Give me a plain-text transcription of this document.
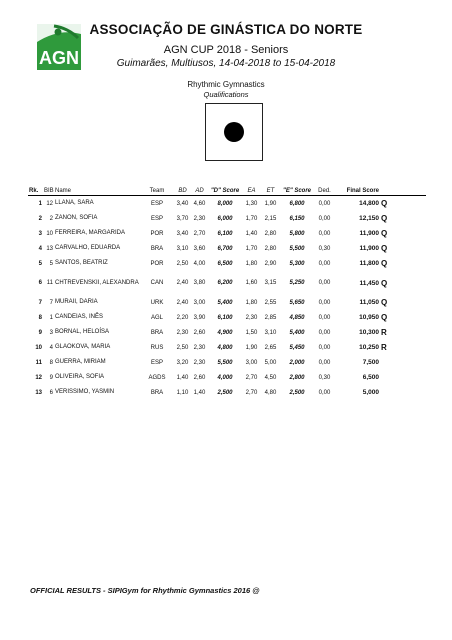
AGN
ASSOCIAÇÃO DE GINÁSTICA DO NORTE
AGN CUP 2018 - Seniors
Guimarães, Multiusos, 14-04-2018 to 15-04-2018
Rhythmic Gymnastics
Qualifications
Rk.	BIB	Name	Team	BD	AD	"D" Score	EA	ET	"E" Score	Ded.	Final Score	
1	12	LLANA, SARA	ESP	3,40	4,60	8,000	1,30	1,90	6,800	0,00	14,800	Q
2	2	ZANON, SOFIA	ESP	3,70	2,30	6,000	1,70	2,15	6,150	0,00	12,150	Q
3	10	FERREIRA, MARGARIDA	POR	3,40	2,70	6,100	1,40	2,80	5,800	0,00	11,900	Q
4	13	CARVALHO, EDUARDA	BRA	3,10	3,60	6,700	1,70	2,80	5,500	0,30	11,900	Q
5	5	SANTOS, BEATRIZ	POR	2,50	4,00	6,500	1,80	2,90	5,300	0,00	11,800	Q
6	11	CHTREVENSKII, ALEXANDRA	CAN	2,40	3,80	6,200	1,60	3,15	5,250	0,00	11,450	Q
7	7	MURAII, DARIA	URK	2,40	3,00	5,400	1,80	2,55	5,650	0,00	11,050	Q
8	1	CANDEIAS, INÊS	AGL	2,20	3,90	6,100	2,30	2,85	4,850	0,00	10,950	Q
9	3	BORNAL, HELOÍSA	BRA	2,30	2,60	4,900	1,50	3,10	5,400	0,00	10,300	R
10	4	GLAOKOVA, MARIA	RUS	2,50	2,30	4,800	1,90	2,65	5,450	0,00	10,250	R
11	8	GUERRA, MIRIAM	ESP	3,20	2,30	5,500	3,00	5,00	2,000	0,00	7,500	
12	9	OLIVEIRA, SOFIA	AGDS	1,40	2,60	4,000	2,70	4,50	2,800	0,30	6,500	
13	6	VERISSIMO, YASMIN	BRA	1,10	1,40	2,500	2,70	4,80	2,500	0,00	5,000	
OFFICIAL RESULTS - SIPIGym for Rhythmic Gymnastics 2016 @
